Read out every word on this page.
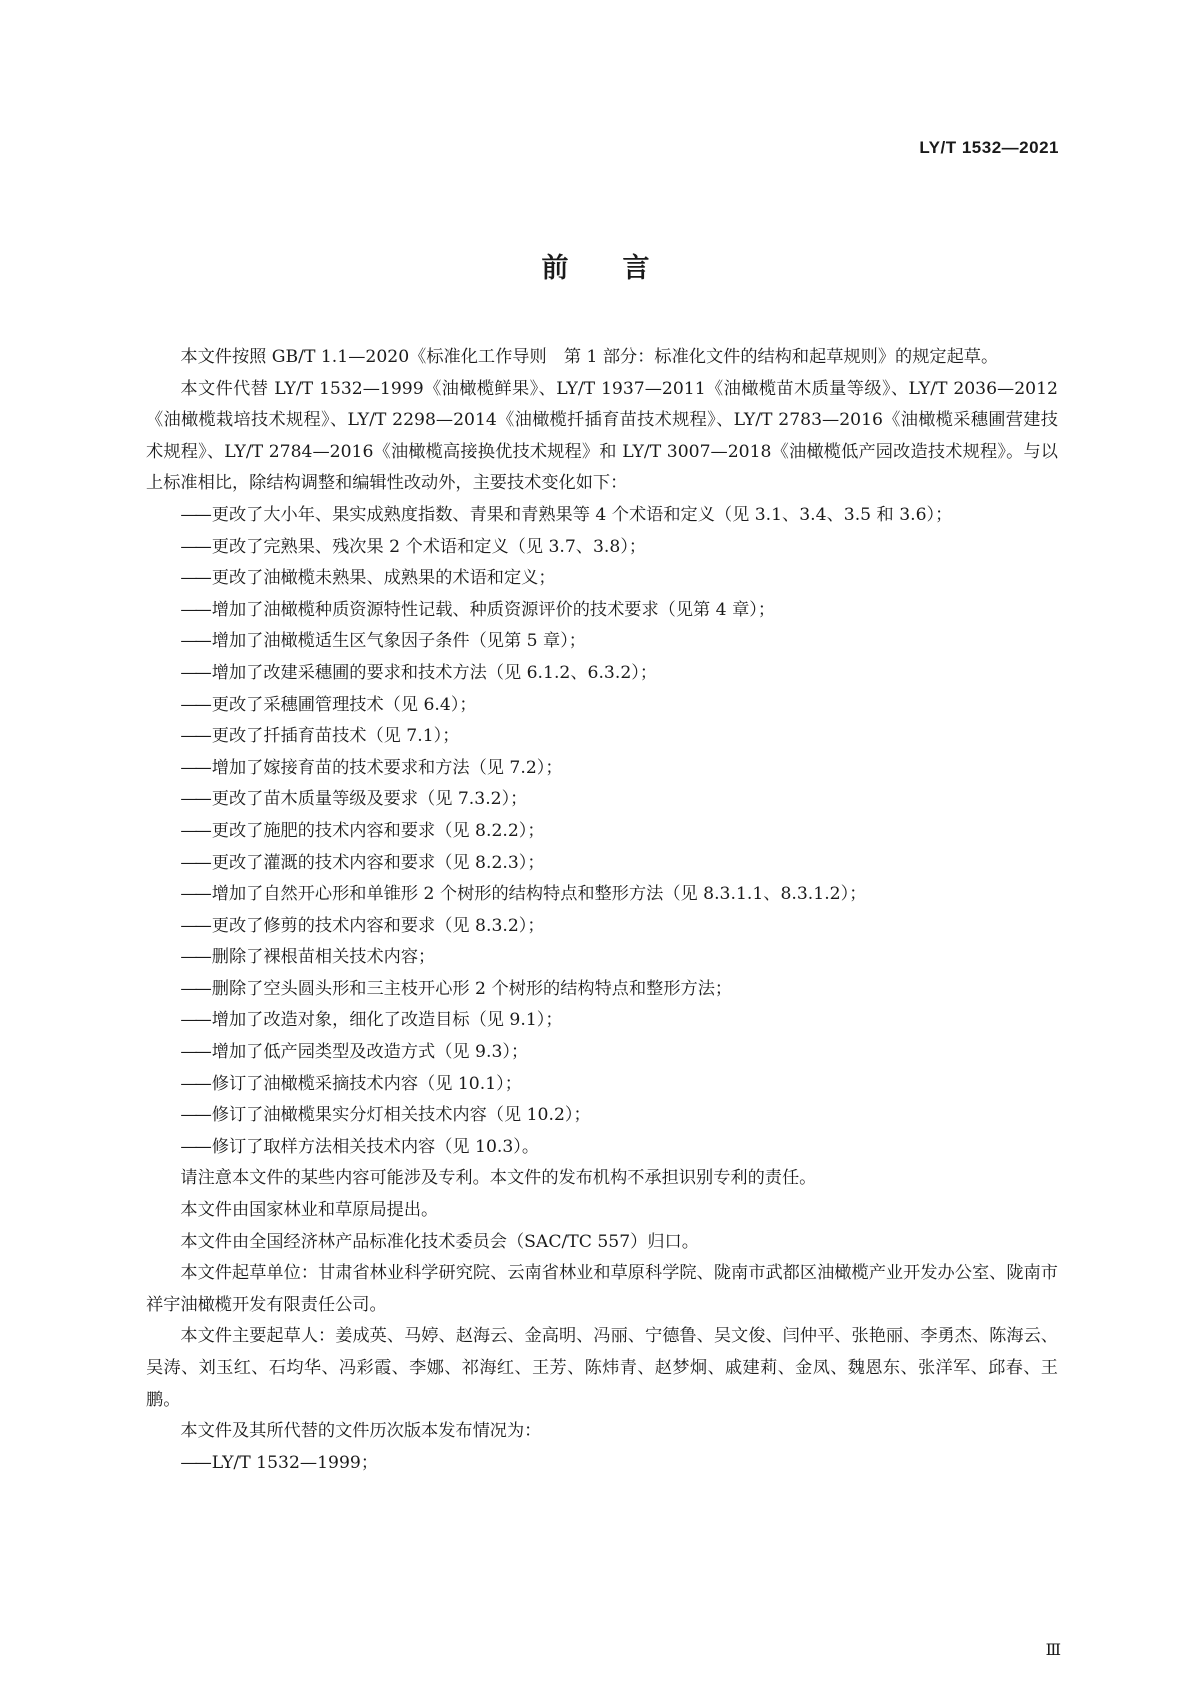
LY/T 1532—2021
前 言

本文件按照 GB/T 1.1—2020《标准化工作导则　第 1 部分：标准化文件的结构和起草规则》的规定起草。

本文件代替 LY/T 1532—1999《油橄榄鲜果》、LY/T 1937—2011《油橄榄苗木质量等级》、LY/T 2036—2012《油橄榄栽培技术规程》、LY/T 2298—2014《油橄榄扦插育苗技术规程》、LY/T 2783—2016《油橄榄采穗圃营建技术规程》、LY/T 2784—2016《油橄榄高接换优技术规程》和 LY/T 3007—2018《油橄榄低产园改造技术规程》。与以上标准相比，除结构调整和编辑性改动外，主要技术变化如下：

—— 更改了大小年、果实成熟度指数、青果和青熟果等 4 个术语和定义（见 3.1、3.4、3.5 和 3.6）；

—— 更改了完熟果、残次果 2 个术语和定义（见 3.7、3.8）；

—— 更改了油橄榄未熟果、成熟果的术语和定义；

—— 增加了油橄榄种质资源特性记载、种质资源评价的技术要求（见第 4 章）；

—— 增加了油橄榄适生区气象因子条件（见第 5 章）；

—— 增加了改建采穗圃的要求和技术方法（见 6.1.2、6.3.2）；

—— 更改了采穗圃管理技术（见 6.4）；

—— 更改了扦插育苗技术（见 7.1）；

—— 增加了嫁接育苗的技术要求和方法（见 7.2）；

—— 更改了苗木质量等级及要求（见 7.3.2）；

—— 更改了施肥的技术内容和要求（见 8.2.2）；

—— 更改了灌溉的技术内容和要求（见 8.2.3）；

—— 增加了自然开心形和单锥形 2 个树形的结构特点和整形方法（见 8.3.1.1、8.3.1.2）；

—— 更改了修剪的技术内容和要求（见 8.3.2）；

—— 删除了裸根苗相关技术内容；

—— 删除了空头圆头形和三主枝开心形 2 个树形的结构特点和整形方法；

—— 增加了改造对象，细化了改造目标（见 9.1）；

—— 增加了低产园类型及改造方式（见 9.3）；

—— 修订了油橄榄采摘技术内容（见 10.1）；

—— 修订了油橄榄果实分灯相关技术内容（见 10.2）；

—— 修订了取样方法相关技术内容（见 10.3）。

请注意本文件的某些内容可能涉及专利。本文件的发布机构不承担识别专利的责任。

本文件由国家林业和草原局提出。

本文件由全国经济林产品标准化技术委员会（SAC/TC 557）归口。

本文件起草单位：甘肃省林业科学研究院、云南省林业和草原科学院、陇南市武都区油橄榄产业开发办公室、陇南市祥宇油橄榄开发有限责任公司。

本文件主要起草人：姜成英、马婷、赵海云、金高明、冯丽、宁德鲁、吴文俊、闫仲平、张艳丽、李勇杰、陈海云、吴涛、刘玉红、石均华、冯彩霞、李娜、祁海红、王芳、陈炜青、赵梦炯、戚建莉、金凤、魏恩东、张洋军、邱春、王鹏。

本文件及其所代替的文件历次版本发布情况为：

—— LY/T 1532—1999；

Ⅲ
